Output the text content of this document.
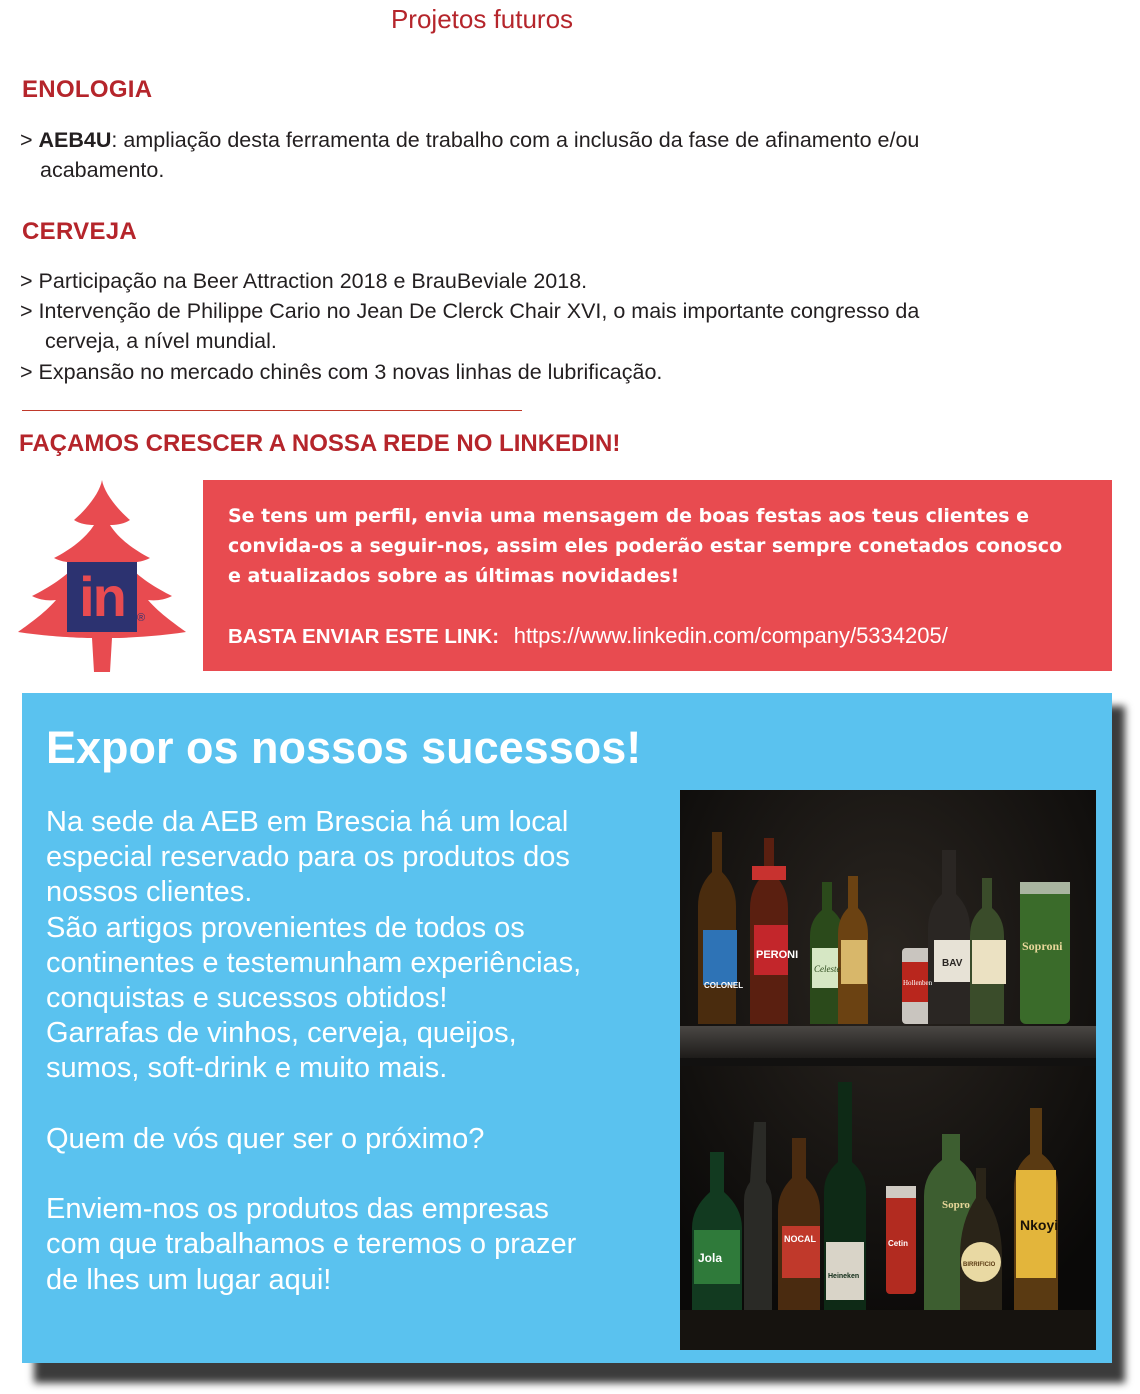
Projetos futuros
ENOLOGIA
> AEB4U: ampliação desta ferramenta de trabalho com a inclusão da fase de afinamento e/ou
acabamento.
CERVEJA
> Participação na Beer Attraction 2018 e BrauBeviale 2018.
> Intervenção de Philippe Cario no Jean De Clerck Chair XVI, o mais importante congresso da
cerveja, a nível mundial.
> Expansão no mercado chinês com 3 novas linhas de lubrificação.
FAÇAMOS CRESCER A NOSSA REDE NO LINKEDIN!
in	®
Se tens um perfil, envia uma mensagem de boas festas aos teus clientes e
convida-os a seguir-nos, assim eles poderão estar sempre conetados conosco
e atualizados sobre as últimas novidades!
BASTA ENVIAR ESTE LINK: https://www.linkedin.com/company/5334205/
Expor os nossos sucessos!

Na sede da AEB em Brescia há um local

especial reservado para os produtos dos

nossos clientes.

São artigos provenientes de todos os

continentes e testemunham experiências,

conquistas e sucessos obtidos!

Garrafas de vinhos, cerveja, queijos,

sumos, soft-drink e muito mais.

Quem de vós quer ser o próximo?

Enviem-nos os produtos das empresas

com que trabalhamos e teremos o prazer

de lhes um lugar aqui!

COLONEL
PERONI
Celeste
Hollenben
BAV
Soproni
Jola
NOCAL
Heineken
Cetin
Sopro
BIRRIFICIO
Nkoyi
